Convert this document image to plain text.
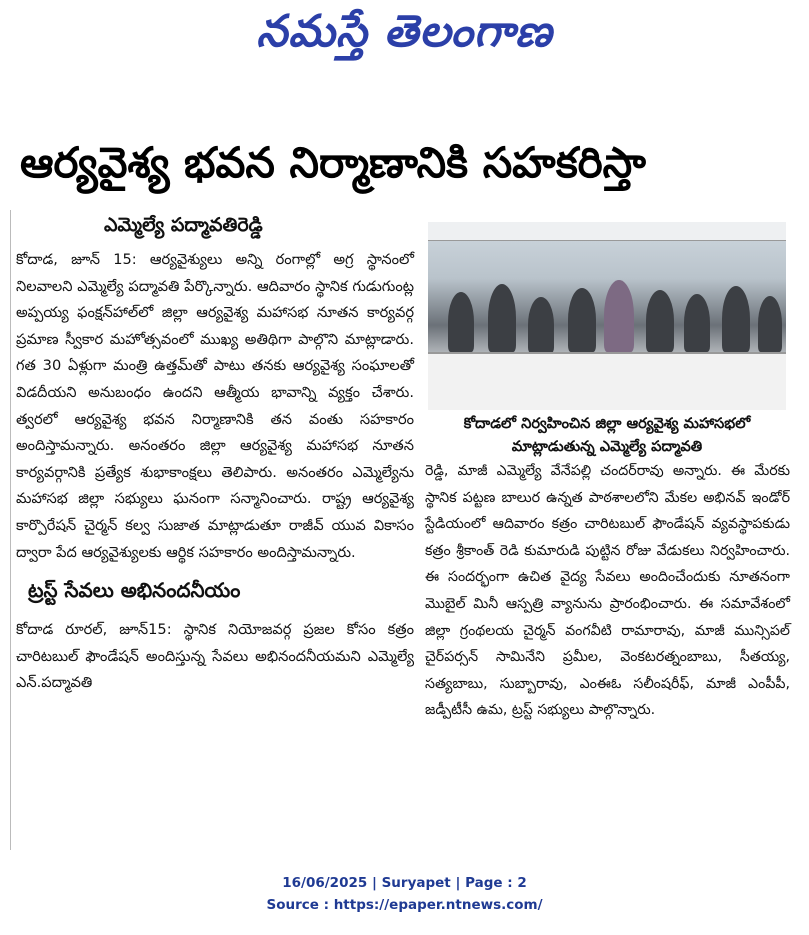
నమస్తే తెలంగాణ
ఆర్యవైశ్య భవన నిర్మాణానికి సహకరిస్తా
ఎమ్మెల్యే పద్మావతిరెడ్డి

కోదాడ, జూన్ 15: ఆర్యవైశ్యులు అన్ని రంగాల్లో అగ్ర స్థానంలో నిలవాలని ఎమ్మెల్యే పద్మావతి పేర్కొన్నారు. ఆదివారం స్థానిక గుడుగుంట్ల అప్పయ్య ఫంక్షన్‌హాల్‌లో జిల్లా ఆర్యవైశ్య మహాసభ నూతన కార్యవర్గ ప్రమాణ స్వీకార మహోత్సవంలో ముఖ్య అతిథిగా పాల్గొని మాట్లాడారు. గత 30 ఏళ్లుగా మంత్రి ఉత్తమ్‌తో పాటు తనకు ఆర్యవైశ్య సంఘాలతో విడదీయని అనుబంధం ఉందని ఆత్మీయ భావాన్ని వ్యక్తం చేశారు. త్వరలో ఆర్యవైశ్య భవన నిర్మాణానికి తన వంతు సహకారం అందిస్తామన్నారు. అనంతరం జిల్లా ఆర్యవైశ్య మహాసభ నూతన కార్యవర్గానికి ప్రత్యేక శుభాకాంక్షలు తెలిపారు. అనంతరం ఎమ్మెల్యేను మహాసభ జిల్లా సభ్యులు ఘనంగా సన్మానించారు. రాష్ట్ర ఆర్యవైశ్య కార్పొరేషన్ చైర్మన్ కల్వ సుజాత మాట్లాడుతూ రాజీవ్ యువ వికాసం ద్వారా పేద ఆర్యవైశ్యులకు ఆర్థిక సహకారం అందిస్తామన్నారు.

ట్రస్ట్ సేవలు అభినందనీయం

కోదాడ రూరల్, జూన్15: స్థానిక నియోజవర్గ ప్రజల కోసం కత్రం చారిటబుల్ ఫౌండేషన్ అందిస్తున్న సేవలు అభినందనీయమని ఎమ్మెల్యే ఎన్.పద్మావతి

కోదాడలో నిర్వహించిన జిల్లా ఆర్యవైశ్య మహాసభలో మాట్లాడుతున్న ఎమ్మెల్యే పద్మావతి

రెడ్డి, మాజీ ఎమ్మెల్యే వేనేపల్లి చందర్‌రావు అన్నారు. ఈ మేరకు స్థానిక పట్టణ బాలుర ఉన్నత పాఠశాలలోని మేకల అభినవ్ ఇండోర్ స్టేడియంలో ఆదివారం కత్రం చారిటబుల్ ఫౌండేషన్ వ్యవస్థాపకుడు కత్రం శ్రీకాంత్ రెడి కుమారుడి పుట్టిన రోజు వేడుకలు నిర్వహించారు. ఈ సందర్భంగా ఉచిత వైద్య సేవలు అందించేందుకు నూతనంగా మొబైల్ మినీ ఆస్పత్రి వ్యానును ప్రారంభించారు. ఈ సమావేశంలో జిల్లా గ్రంథలయ చైర్మన్ వంగవీటి రామారావు, మాజీ మున్సిపల్ చైర్‌పర్సన్ సామినేని ప్రమీల, వెంకటరత్నంబాబు, సీతయ్య, సత్యబాబు, సుబ్బారావు, ఎంఈఓ సలీంషరీఫ్, మాజీ ఎంపీపీ, జడ్పీటీసీ ఉమ, ట్రస్ట్ సభ్యులు పాల్గొన్నారు.

16/06/2025 | Suryapet | Page : 2
Source : https://epaper.ntnews.com/
